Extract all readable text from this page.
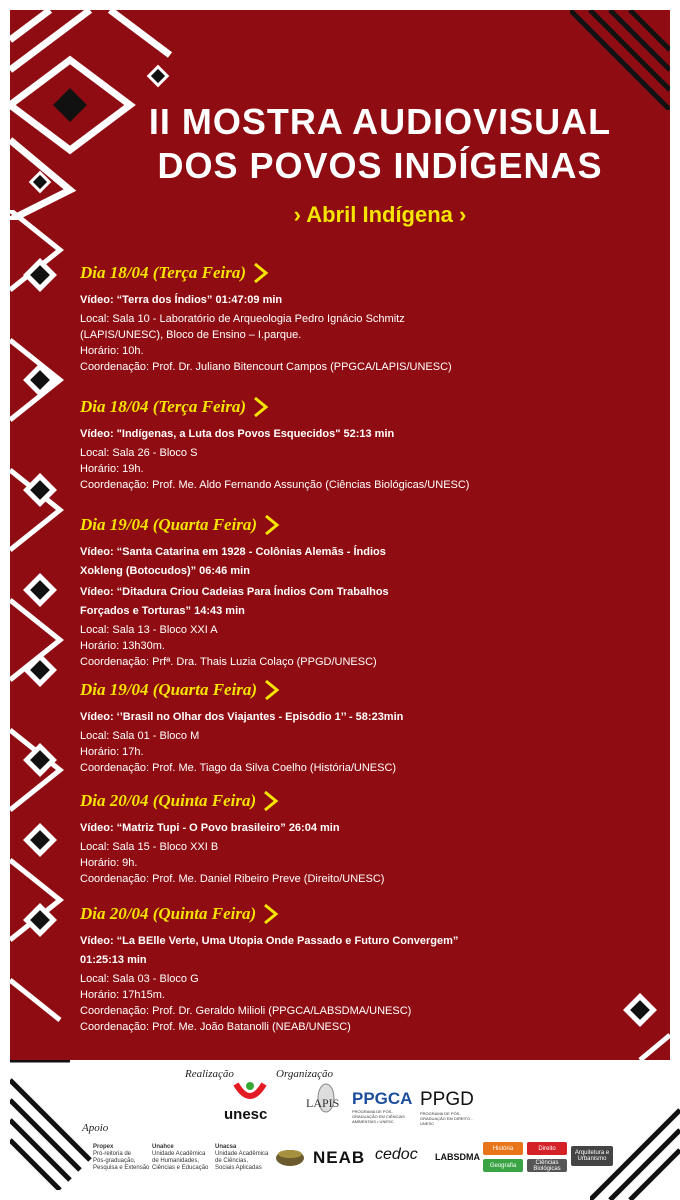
II MOSTRA AUDIOVISUAL
DOS POVOS INDÍGENAS
› Abril Indígena ›
Dia 18/04 (Terça Feira)
Vídeo: “Terra dos Índios” 01:47:09 min
Local: Sala 10 - Laboratório de Arqueologia Pedro Ignácio Schmitz
(LAPIS/UNESC), Bloco de Ensino – I.parque.
Horário: 10h.
Coordenação: Prof. Dr. Juliano Bitencourt Campos (PPGCA/LAPIS/UNESC)
Dia 18/04 (Terça Feira)
Vídeo: "Indígenas, a Luta dos Povos Esquecidos" 52:13 min
Local: Sala 26 - Bloco S
Horário: 19h.
Coordenação: Prof. Me. Aldo Fernando Assunção (Ciências Biológicas/UNESC)
Dia 19/04 (Quarta Feira)
Vídeo: “Santa Catarina em 1928 - Colônias Alemãs - Índios
Xokleng (Botocudos)” 06:46 min
Vídeo: “Ditadura Criou Cadeias Para Índios Com Trabalhos
Forçados e Torturas” 14:43 min
Local: Sala 13 - Bloco XXI A
Horário: 13h30m.
Coordenação: Prfª. Dra. Thais Luzia Colaço (PPGD/UNESC)
Dia 19/04 (Quarta Feira)
Vídeo: ‘’Brasil no Olhar dos Viajantes - Episódio 1’’ - 58:23min
Local: Sala 01 - Bloco M
Horário: 17h.
Coordenação: Prof. Me. Tiago da Silva Coelho (História/UNESC)
Dia 20/04 (Quinta Feira)
Vídeo: “Matriz Tupi - O Povo brasileiro” 26:04 min
Local: Sala 15 - Bloco XXI B
Horário: 9h.
Coordenação: Prof. Me. Daniel Ribeiro Preve (Direito/UNESC)
Dia 20/04 (Quinta Feira)
Vídeo: “La BElle Verte, Uma Utopia Onde Passado e Futuro Convergem”
01:25:13 min
Local: Sala 03 - Bloco G
Horário: 17h15m.
Coordenação: Prof. Dr. Geraldo Milioli (PPGCA/LABSDMA/UNESC)
Coordenação: Prof. Me. João Batanolli (NEAB/UNESC)
Realização	Organização
Apoio
unesc
LAPIS PPGCA
PROGRAMA DE PÓS-GRADUAÇÃO EM CIÊNCIAS AMBIENTAIS • UNESC
PPGD
PROGRAMA DE PÓS-GRADUAÇÃO EM DIREITO - UNESC
Propex
Pró-reitoria de
Pós-graduação,
Pesquisa e Extensão
Unahce
Unidade Acadêmica
de Humanidades,
Ciências e Educação
Unacsa
Unidade Acadêmica
de Ciências,
Sociais Aplicadas
NEAB cedoc LABSDMA
História	Direito
Arquitetura e Urbanismo
Geografia	Ciências Biológicas
